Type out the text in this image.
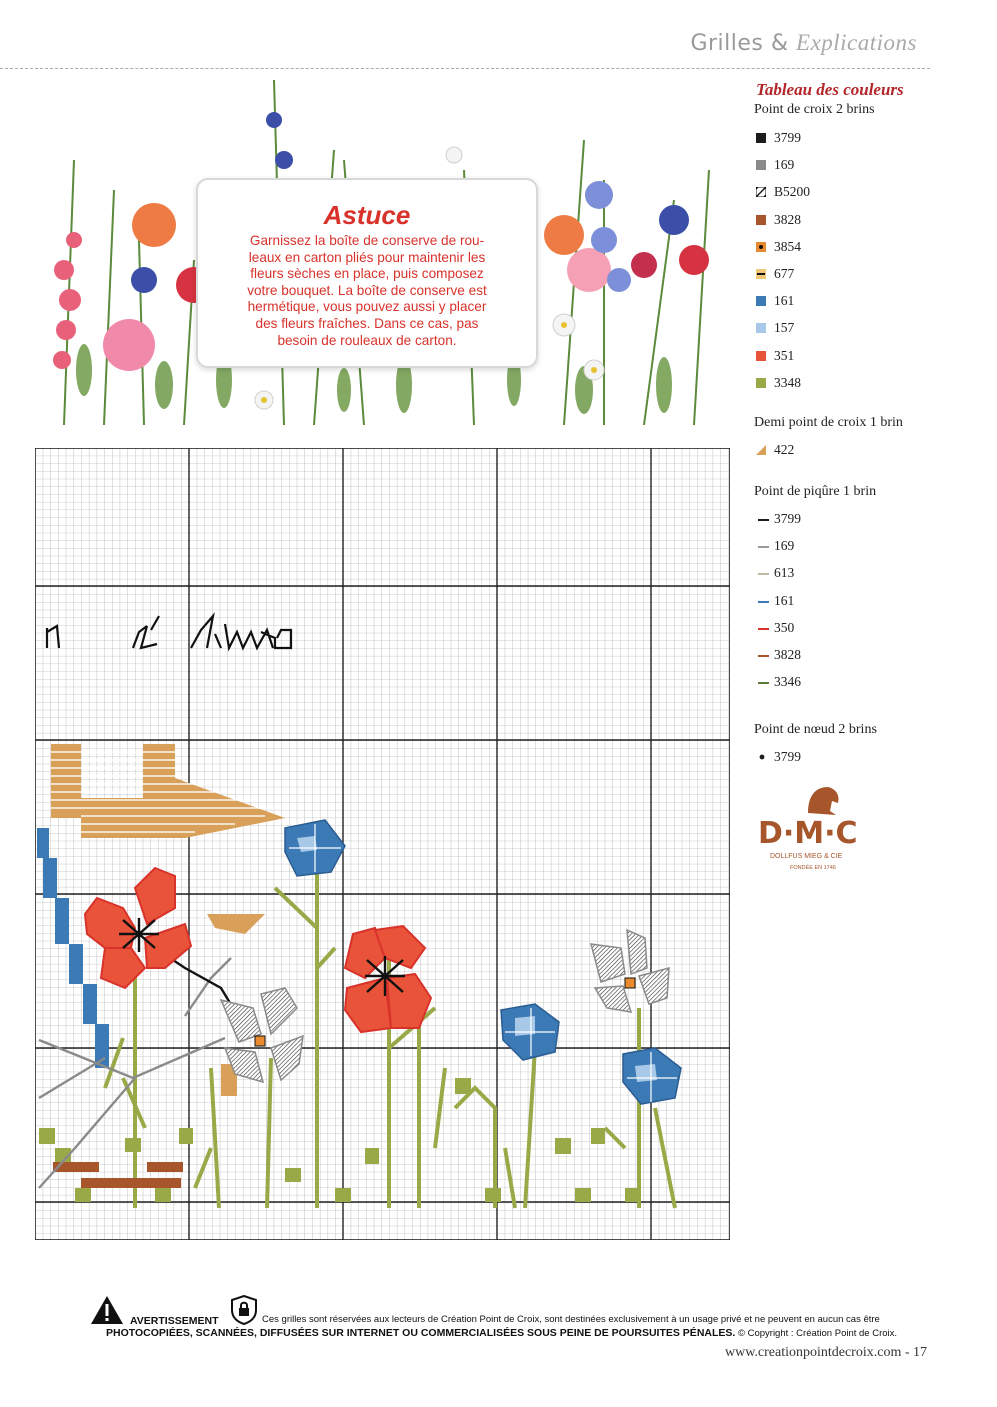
Grilles & Explications
Astuce

Garnissez la boîte de conserve de rou-
leaux en carton pliés pour maintenir les
fleurs sèches en place, puis composez
votre bouquet. La boîte de conserve est
hermétique, vous pouvez aussi y placer
des fleurs fraîches. Dans ce cas, pas
besoin de rouleaux de carton.

Tableau des couleurs
Point de croix 2 brins
3799
169
B5200
3828
3854
677
161
157
351
3348
Demi point de croix 1 brin
422
Point de piqûre 1 brin
3799
169
613
161
350
3828
3346
Point de nœud 2 brins
3799
D·M·C
DOLLFUS MIEG & CIE
FONDÉE EN 1746
n s Aime
AVERTISSEMENT	Ces grilles sont réservées aux lecteurs de Création Point de Croix, sont destinées exclusivement à un usage privé et ne peuvent en aucun cas être
PHOTOCOPIÉES, SCANNÉES, DIFFUSÉES SUR INTERNET OU COMMERCIALISÉES SOUS PEINE DE POURSUITES PÉNALES. © Copyright : Création Point de Croix.
www.creationpointdecroix.com - 17
